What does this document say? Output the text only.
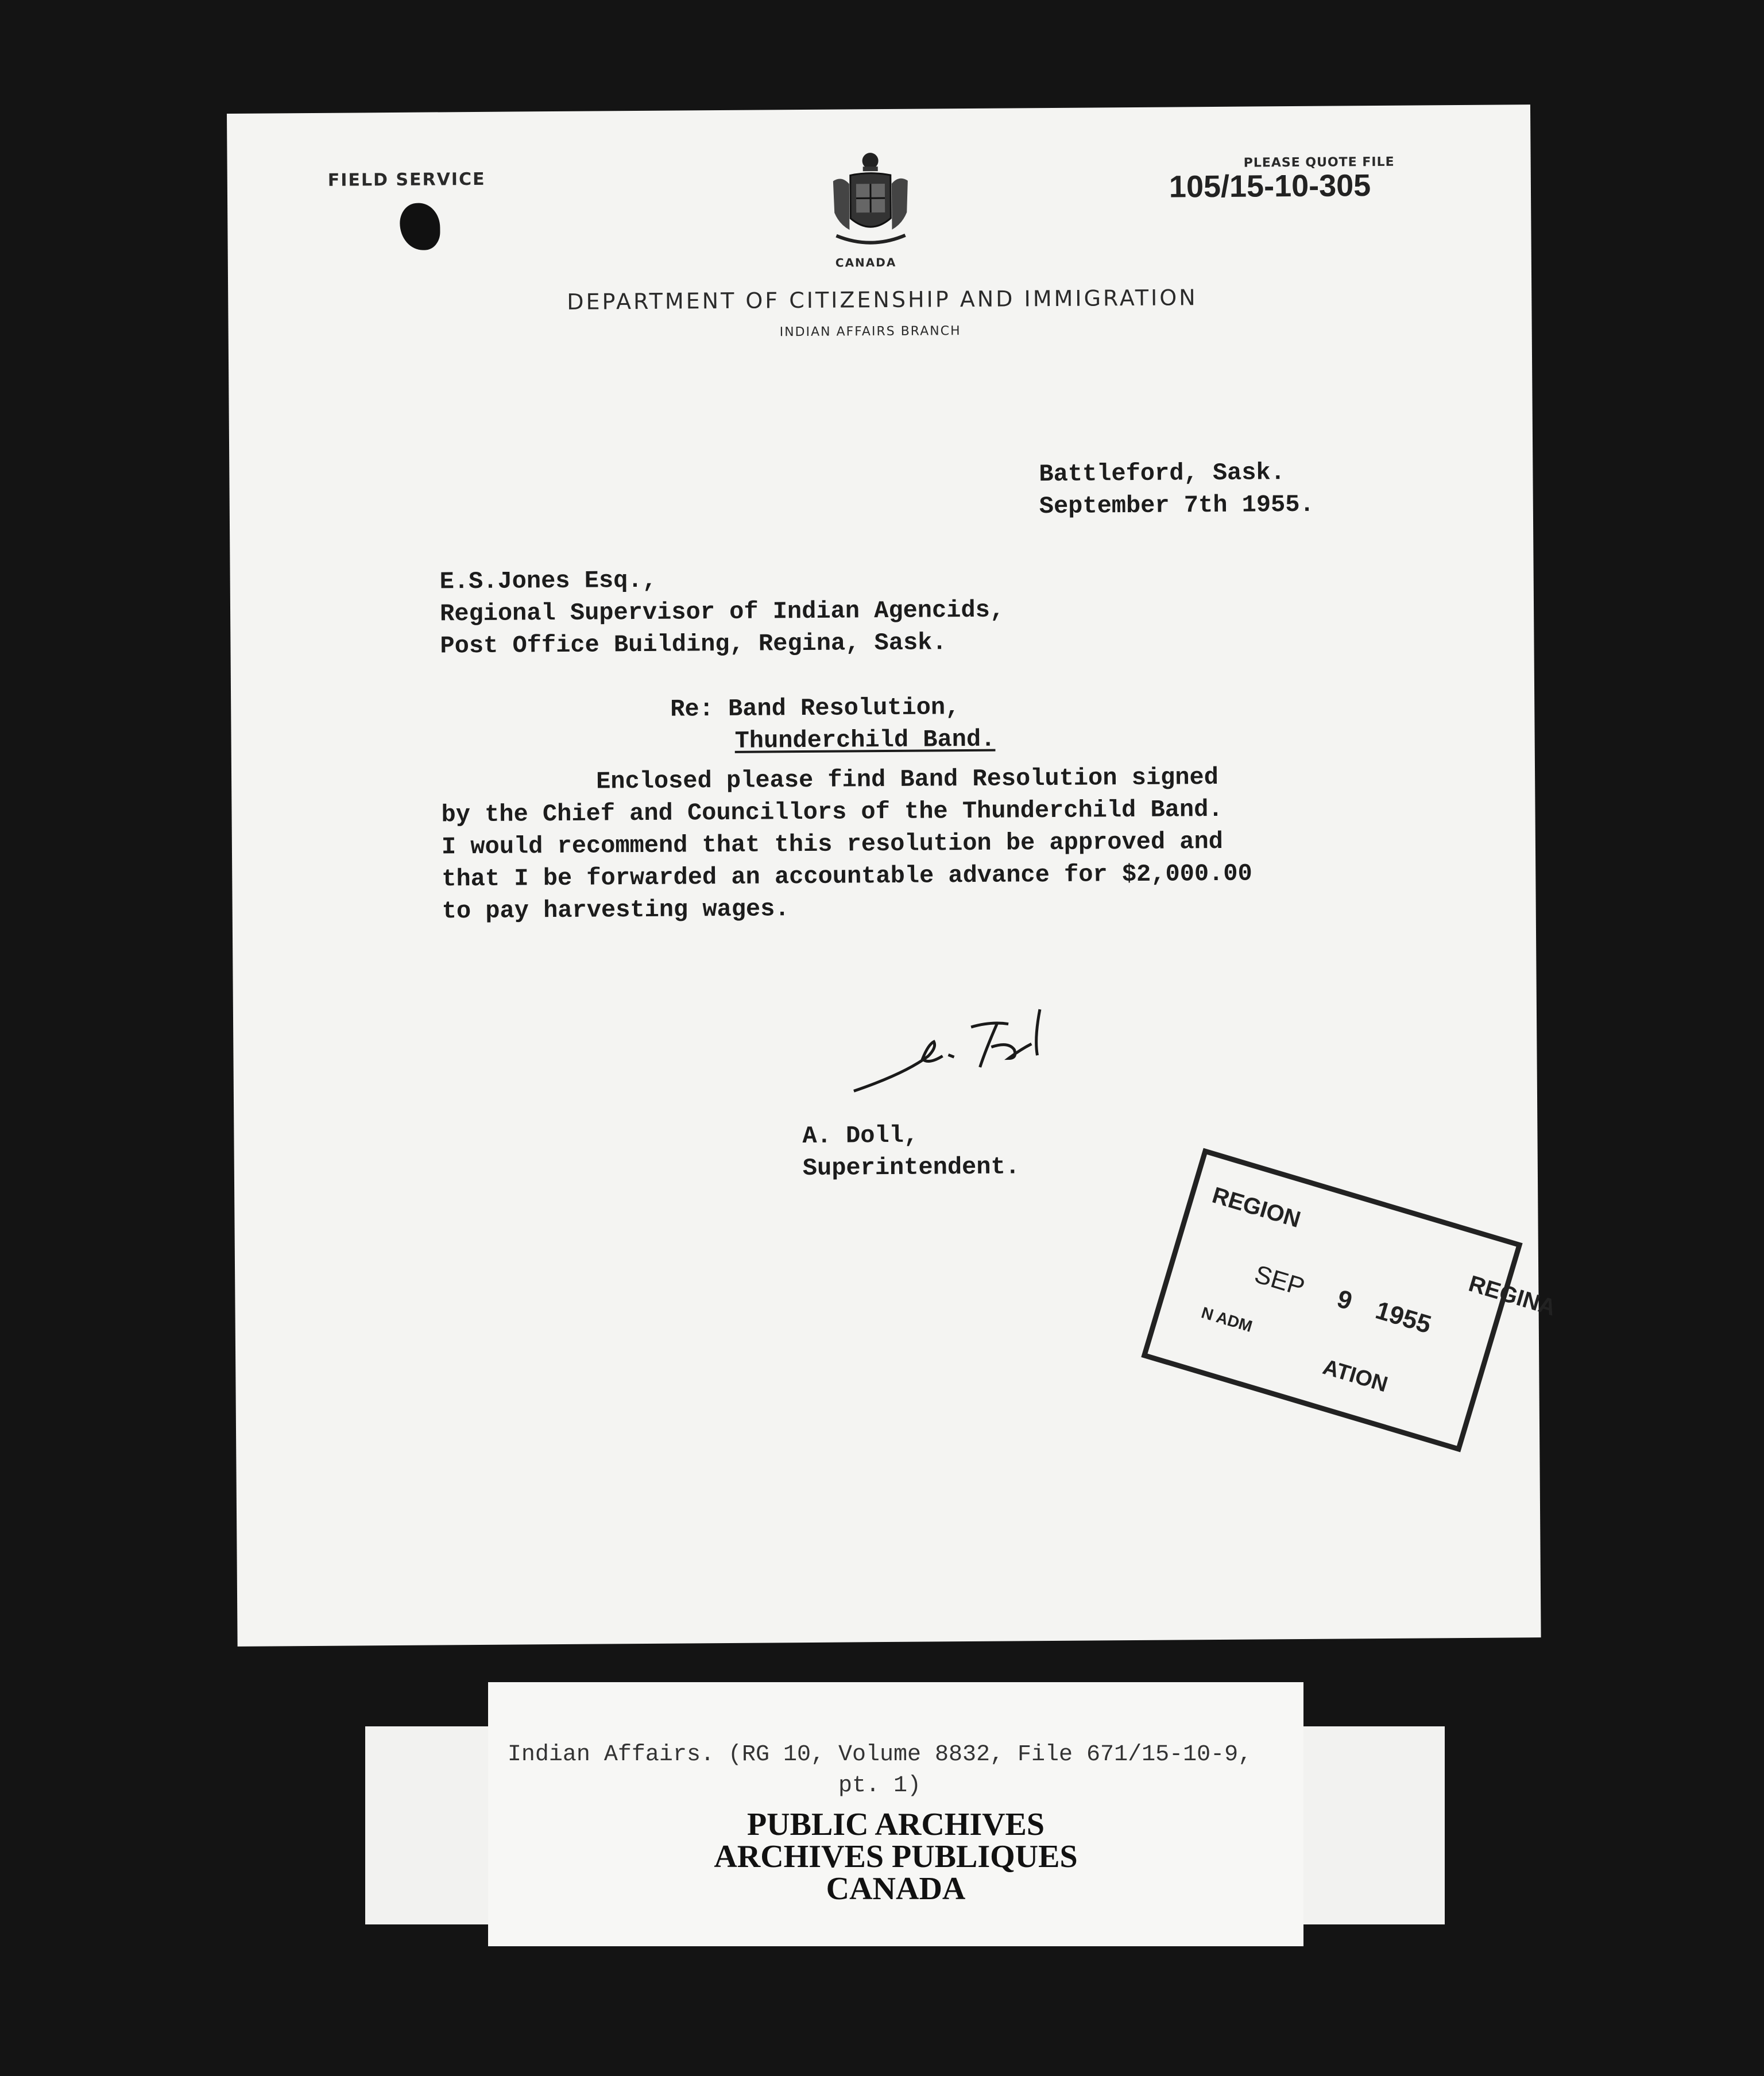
FIELD SERVICE
PLEASE QUOTE FILE
105/15-10-305
CANADA
DEPARTMENT OF CITIZENSHIP AND IMMIGRATION
INDIAN AFFAIRS BRANCH
Battleford, Sask.
September 7th 1955.
E.S.Jones Esq.,
Regional Supervisor of Indian Agencids,
Post Office Building, Regina, Sask.
Re: Band Resolution,
Thunderchild Band.
Enclosed please find Band Resolution signed
by the Chief and Councillors of the Thunderchild Band.
I would recommend that this resolution be approved and
that I be forwarded an accountable advance for $2,000.00
to pay harvesting wages.
A. Doll,
Superintendent.
REGION
REGINA
SEP 9 1955
N ADM
ATION
Indian Affairs. (RG 10, Volume 8832, File 671/15-10-9,
pt. 1)
PUBLIC ARCHIVES
ARCHIVES PUBLIQUES
CANADA
